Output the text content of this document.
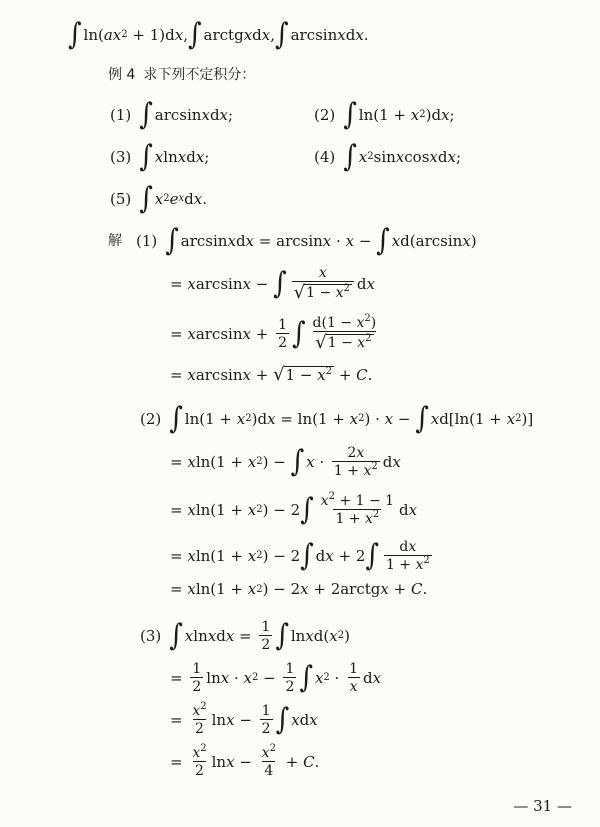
∫ ln( ax 2 + 1)d x , ∫ arctg x d x , ∫ arcsin x d x .
例 4 求下列不定积分：
(1) ∫ arcsin x d x ;	(2) ∫ ln(1 + x 2 )d x ;
(3) ∫ x ln x d x ;	(4) ∫ x 2 sin x cos x d x ;
(5) ∫ x 2 e x d x .
解 (1) ∫ arcsin x d x = arcsin x · x − ∫ x d(arcsin x )
= x arcsin x − ∫ $\frac{x}{√ 1 - x^2}$ d x
= x $\arcsin x + \frac{1}{2}$ ∫ $\frac{d(1 - x^2)}{√ 1 - x^2}$
= x arcsin x + √ $1 - x^2 + C$ .
(2) ∫ ln(1 + x 2 )d x = ln(1 + x 2 ) · x − ∫ x d[ln(1 + x 2 )]
= x ln(1 + x 2 ) − ∫ $x \cdot \frac{2x}{1 + x^2}$ d x
= x ln(1 + x 2 ) − 2 ∫ $\frac{x^2 + 1 - 1}{1 + x^2}$ d x
= x ln(1 + x 2 ) − 2 ∫ d x + 2 ∫ $\frac{dx}{1 + x^2}$
= x ln(1 + x 2 ) − 2 x + 2arctg x + C .
(3) ∫ x ln x d $x = \frac{1}{2}$ ∫ ln x d( x 2 )
= $\frac{1}{2}$ ln x · x $2 - \frac{1}{2}$ ∫ x $2 \cdot \frac{1}{x}$ d x
= $\frac{x^2}{2}$ $\ln x - \frac{1}{2}$ ∫ x d x
= $\frac{x^2}{2}$ $\ln x - \frac{x^2}{4} + C$ .
— 31 —
